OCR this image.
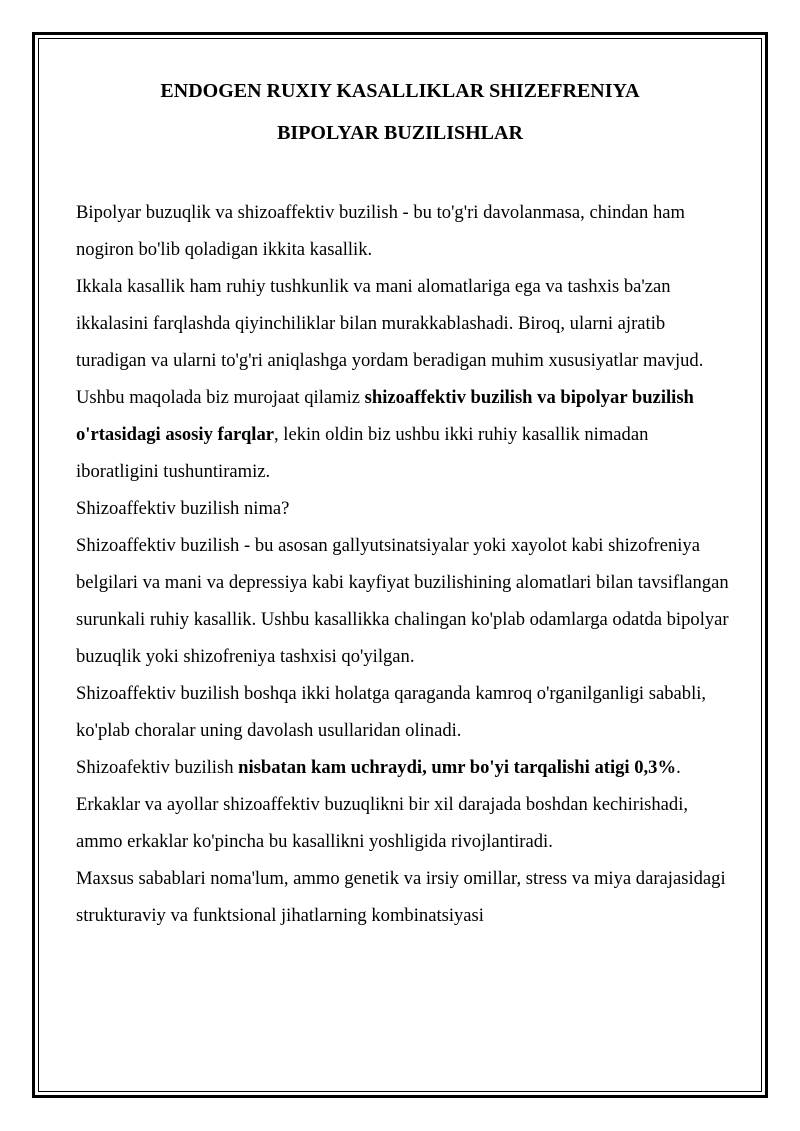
ENDOGEN RUXIY KASALLIKLAR SHIZEFRENIYA
BIPOLYAR BUZILISHLAR

Bipolyar buzuqlik va shizoaffektiv buzilish - bu to'g'ri davolanmasa, chindan ham nogiron bo'lib qoladigan ikkita kasallik.

Ikkala kasallik ham ruhiy tushkunlik va mani alomatlariga ega va tashxis ba'zan ikkalasini farqlashda qiyinchiliklar bilan murakkablashadi. Biroq, ularni ajratib turadigan va ularni to'g'ri aniqlashga yordam beradigan muhim xususiyatlar mavjud.

Ushbu maqolada biz murojaat qilamiz shizoaffektiv buzilish va bipolyar buzilish o'rtasidagi asosiy farqlar, lekin oldin biz ushbu ikki ruhiy kasallik nimadan iboratligini tushuntiramiz.

Shizoaffektiv buzilish nima?

Shizoaffektiv buzilish - bu asosan gallyutsinatsiyalar yoki xayolot kabi shizofreniya belgilari va mani va depressiya kabi kayfiyat buzilishining alomatlari bilan tavsiflangan surunkali ruhiy kasallik. Ushbu kasallikka chalingan ko'plab odamlarga odatda bipolyar buzuqlik yoki shizofreniya tashxisi qo'yilgan.

Shizoaffektiv buzilish boshqa ikki holatga qaraganda kamroq o'rganilganligi sababli, ko'plab choralar uning davolash usullaridan olinadi.

Shizoafektiv buzilish nisbatan kam uchraydi, umr bo'yi tarqalishi atigi 0,3%. Erkaklar va ayollar shizoaffektiv buzuqlikni bir xil darajada boshdan kechirishadi, ammo erkaklar ko'pincha bu kasallikni yoshligida rivojlantiradi.

Maxsus sabablari noma'lum, ammo genetik va irsiy omillar, stress va miya darajasidagi strukturaviy va funktsional jihatlarning kombinatsiyasi
